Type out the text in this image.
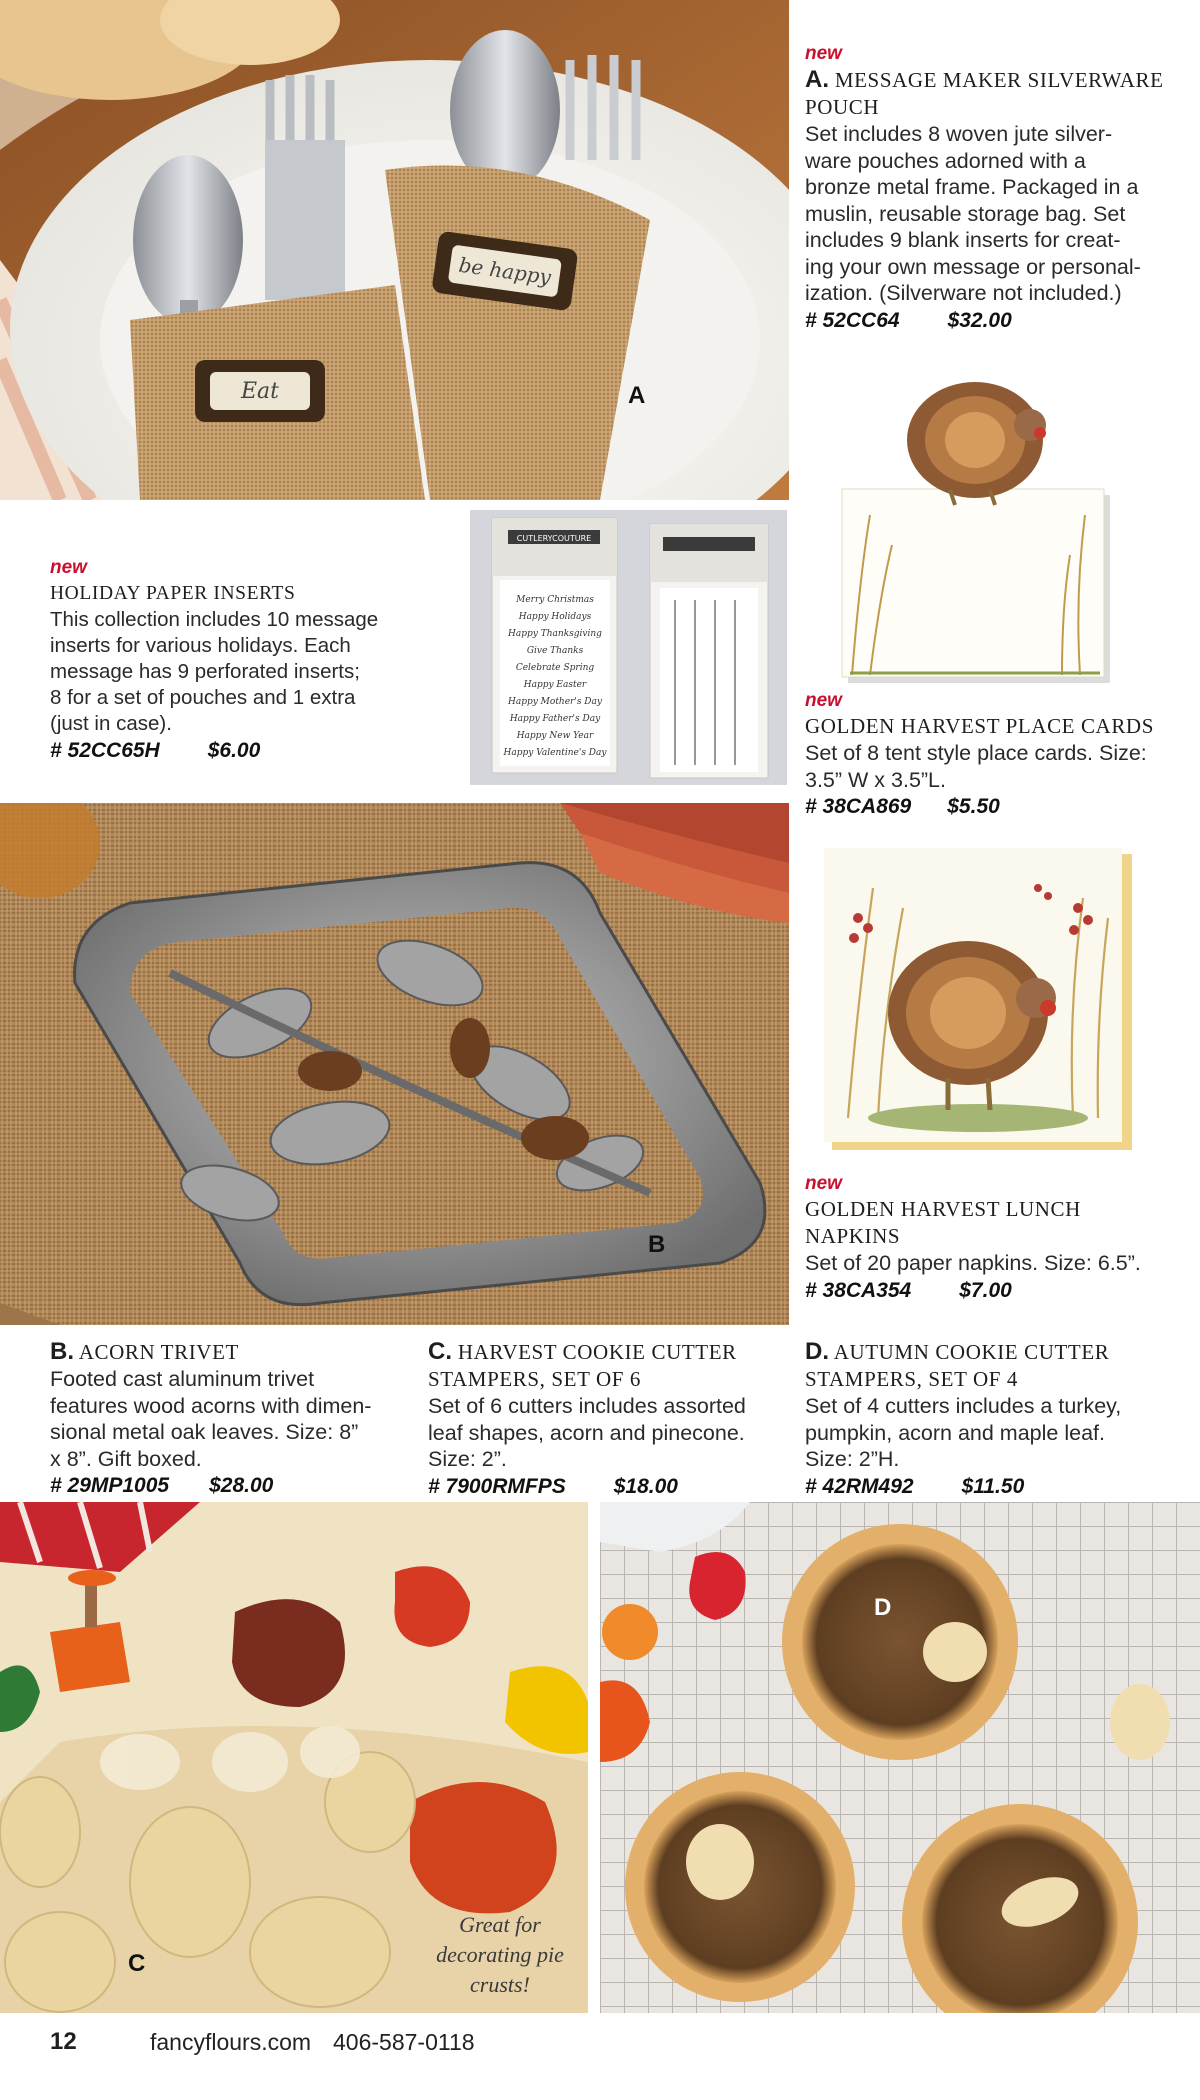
Eat
be happy
A
new
HOLIDAY PAPER INSERTS
This collection includes 10 message
inserts for various holidays. Each
message has 9 perforated inserts;
8 for a set of pouches and 1 extra
(just in case).
# 52CC65H $6.00
CUTLERYCOUTURE
Merry Christmas
Happy Holidays
Happy Thanksgiving
Give Thanks
Celebrate Spring
Happy Easter
Happy Mother's Day
Happy Father's Day
Happy New Year
Happy Valentine's Day
new
A. MESSAGE MAKER SILVERWARE POUCH
Set includes 8 woven jute silver-
ware pouches adorned with a
bronze metal frame. Packaged in a
muslin, reusable storage bag. Set
includes 9 blank inserts for creat-
ing your own message or personal-
ization. (Silverware not included.)
# 52CC64 $32.00
new
GOLDEN HARVEST PLACE CARDS
Set of 8 tent style place cards. Size:
3.5” W x 3.5”L.
# 38CA869 $5.50
new
GOLDEN HARVEST LUNCH
NAPKINS
Set of 20 paper napkins. Size: 6.5”.
# 38CA354 $7.00
B
B. ACORN TRIVET
Footed cast aluminum trivet
features wood acorns with dimen-
sional metal oak leaves. Size: 8”
x 8”. Gift boxed.
# 29MP1005 $28.00
C. HARVEST COOKIE CUTTER
STAMPERS, SET OF 6
Set of 6 cutters includes assorted
leaf shapes, acorn and pinecone.
Size: 2”.
# 7900RMFPS $18.00
D. AUTUMN COOKIE CUTTER
STAMPERS, SET OF 4
Set of 4 cutters includes a turkey,
pumpkin, acorn and maple leaf.
Size: 2”H.
# 42RM492 $11.50
C
Great for
decorating pie
crusts!
D
12	fancyflours.com 406-587-0118
